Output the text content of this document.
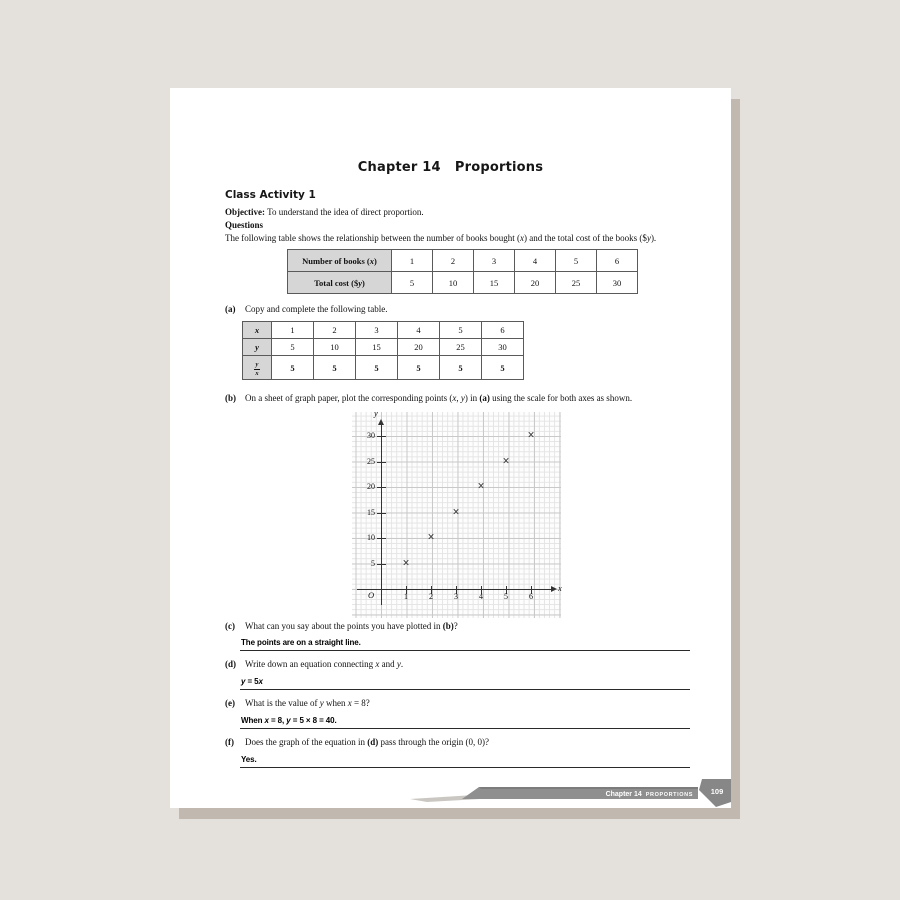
Chapter 14   Proportions
Class Activity 1
Objective: To understand the idea of direct proportion.
Questions
The following table shows the relationship between the number of books bought (x) and the total cost of the books ($y).
Number of books (x)	1	2	3	4	5	6
Total cost ($y)	5	10	15	20	25	30
(a)	Copy and complete the following table.
x	1	2	3	4	5	6
y	5	10	15	20	25	30

$\frac{y}{x}$	5	5	5	5	5	5
(b)	On a sheet of graph paper, plot the corresponding points (x, y) in (a) using the scale for both axes as shown.
y
x
O
5
10
15
20
25
30
1	2	3	4	5	6
×
×
×
×
×
×
(c)	What can you say about the points you have plotted in (b)?
The points are on a straight line.
(d)	Write down an equation connecting x and y.
y = 5x
(e)	What is the value of y when x = 8?
When x = 8, y = 5 × 8 = 40.
(f)	Does the graph of the equation in (d) pass through the origin (0, 0)?
Yes.
Chapter 14 PROPORTIONS 109
